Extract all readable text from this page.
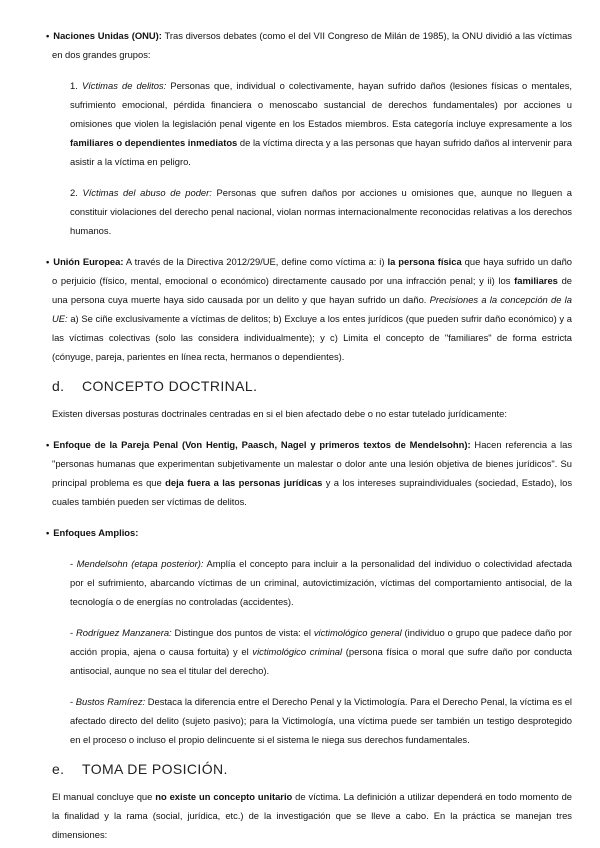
• Naciones Unidas (ONU): Tras diversos debates (como el del VII Congreso de Milán de 1985), la ONU dividió a las víctimas en dos grandes grupos:

1. Víctimas de delitos: Personas que, individual o colectivamente, hayan sufrido daños (lesiones físicas o mentales, sufrimiento emocional, pérdida financiera o menoscabo sustancial de derechos fundamentales) por acciones u omisiones que violen la legislación penal vigente en los Estados miembros. Esta categoría incluye expresamente a los familiares o dependientes inmediatos de la víctima directa y a las personas que hayan sufrido daños al intervenir para asistir a la víctima en peligro.

2. Víctimas del abuso de poder: Personas que sufren daños por acciones u omisiones que, aunque no lleguen a constituir violaciones del derecho penal nacional, violan normas internacionalmente reconocidas relativas a los derechos humanos.

• Unión Europea: A través de la Directiva 2012/29/UE, define como víctima a: i) la persona física que haya sufrido un daño o perjuicio (físico, mental, emocional o económico) directamente causado por una infracción penal; y ii) los familiares de una persona cuya muerte haya sido causada por un delito y que hayan sufrido un daño. Precisiones a la concepción de la UE: a) Se ciñe exclusivamente a víctimas de delitos; b) Excluye a los entes jurídicos (que pueden sufrir daño económico) y a las víctimas colectivas (solo las considera individualmente); y c) Limita el concepto de "familiares" de forma estricta (cónyuge, pareja, parientes en línea recta, hermanos o dependientes).

d. CONCEPTO DOCTRINAL.

Existen diversas posturas doctrinales centradas en si el bien afectado debe o no estar tutelado jurídicamente:

• Enfoque de la Pareja Penal (Von Hentig, Paasch, Nagel y primeros textos de Mendelsohn): Hacen referencia a las "personas humanas que experimentan subjetivamente un malestar o dolor ante una lesión objetiva de bienes jurídicos". Su principal problema es que deja fuera a las personas jurídicas y a los intereses supraindividuales (sociedad, Estado), los cuales también pueden ser víctimas de delitos.

• Enfoques Amplios:

- Mendelsohn (etapa posterior): Amplía el concepto para incluir a la personalidad del individuo o colectividad afectada por el sufrimiento, abarcando víctimas de un criminal, autovictimización, víctimas del comportamiento antisocial, de la tecnología o de energías no controladas (accidentes).

- Rodríguez Manzanera: Distingue dos puntos de vista: el victimológico general (individuo o grupo que padece daño por acción propia, ajena o causa fortuita) y el victimológico criminal (persona física o moral que sufre daño por conducta antisocial, aunque no sea el titular del derecho).

- Bustos Ramírez: Destaca la diferencia entre el Derecho Penal y la Victimología. Para el Derecho Penal, la víctima es el afectado directo del delito (sujeto pasivo); para la Victimología, una víctima puede ser también un testigo desprotegido en el proceso o incluso el propio delincuente si el sistema le niega sus derechos fundamentales.

e. TOMA DE POSICIÓN.

El manual concluye que no existe un concepto unitario de víctima. La definición a utilizar dependerá en todo momento de la finalidad y la rama (social, jurídica, etc.) de la investigación que se lleve a cabo. En la práctica se manejan tres dimensiones:
